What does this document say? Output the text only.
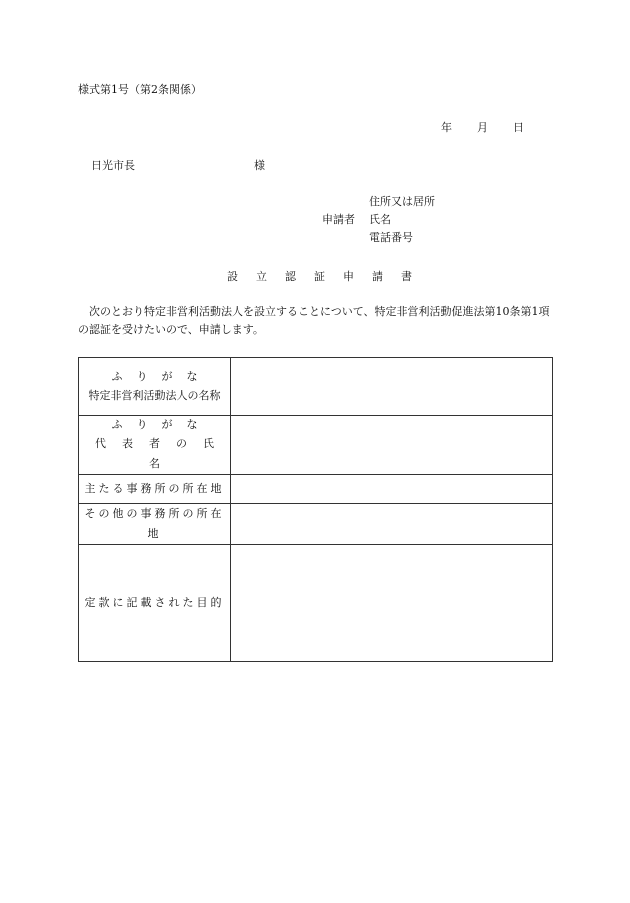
様式第1号（第2条関係）
年 月 日
日光市長	様
申請者
住所又は居所
氏名
電話番号
設立認証申請書
次のとおり特定非営利活動法人を設立することについて、特定非営利活動促進法第10条第1項の認証を受けたいので、申請します。
ふりがな
特定非営利活動法人の名称	

ふりがな
代表者の氏名	

主たる事務所の所在地	

その他の事務所の所在地	

定款に記載された目的	
